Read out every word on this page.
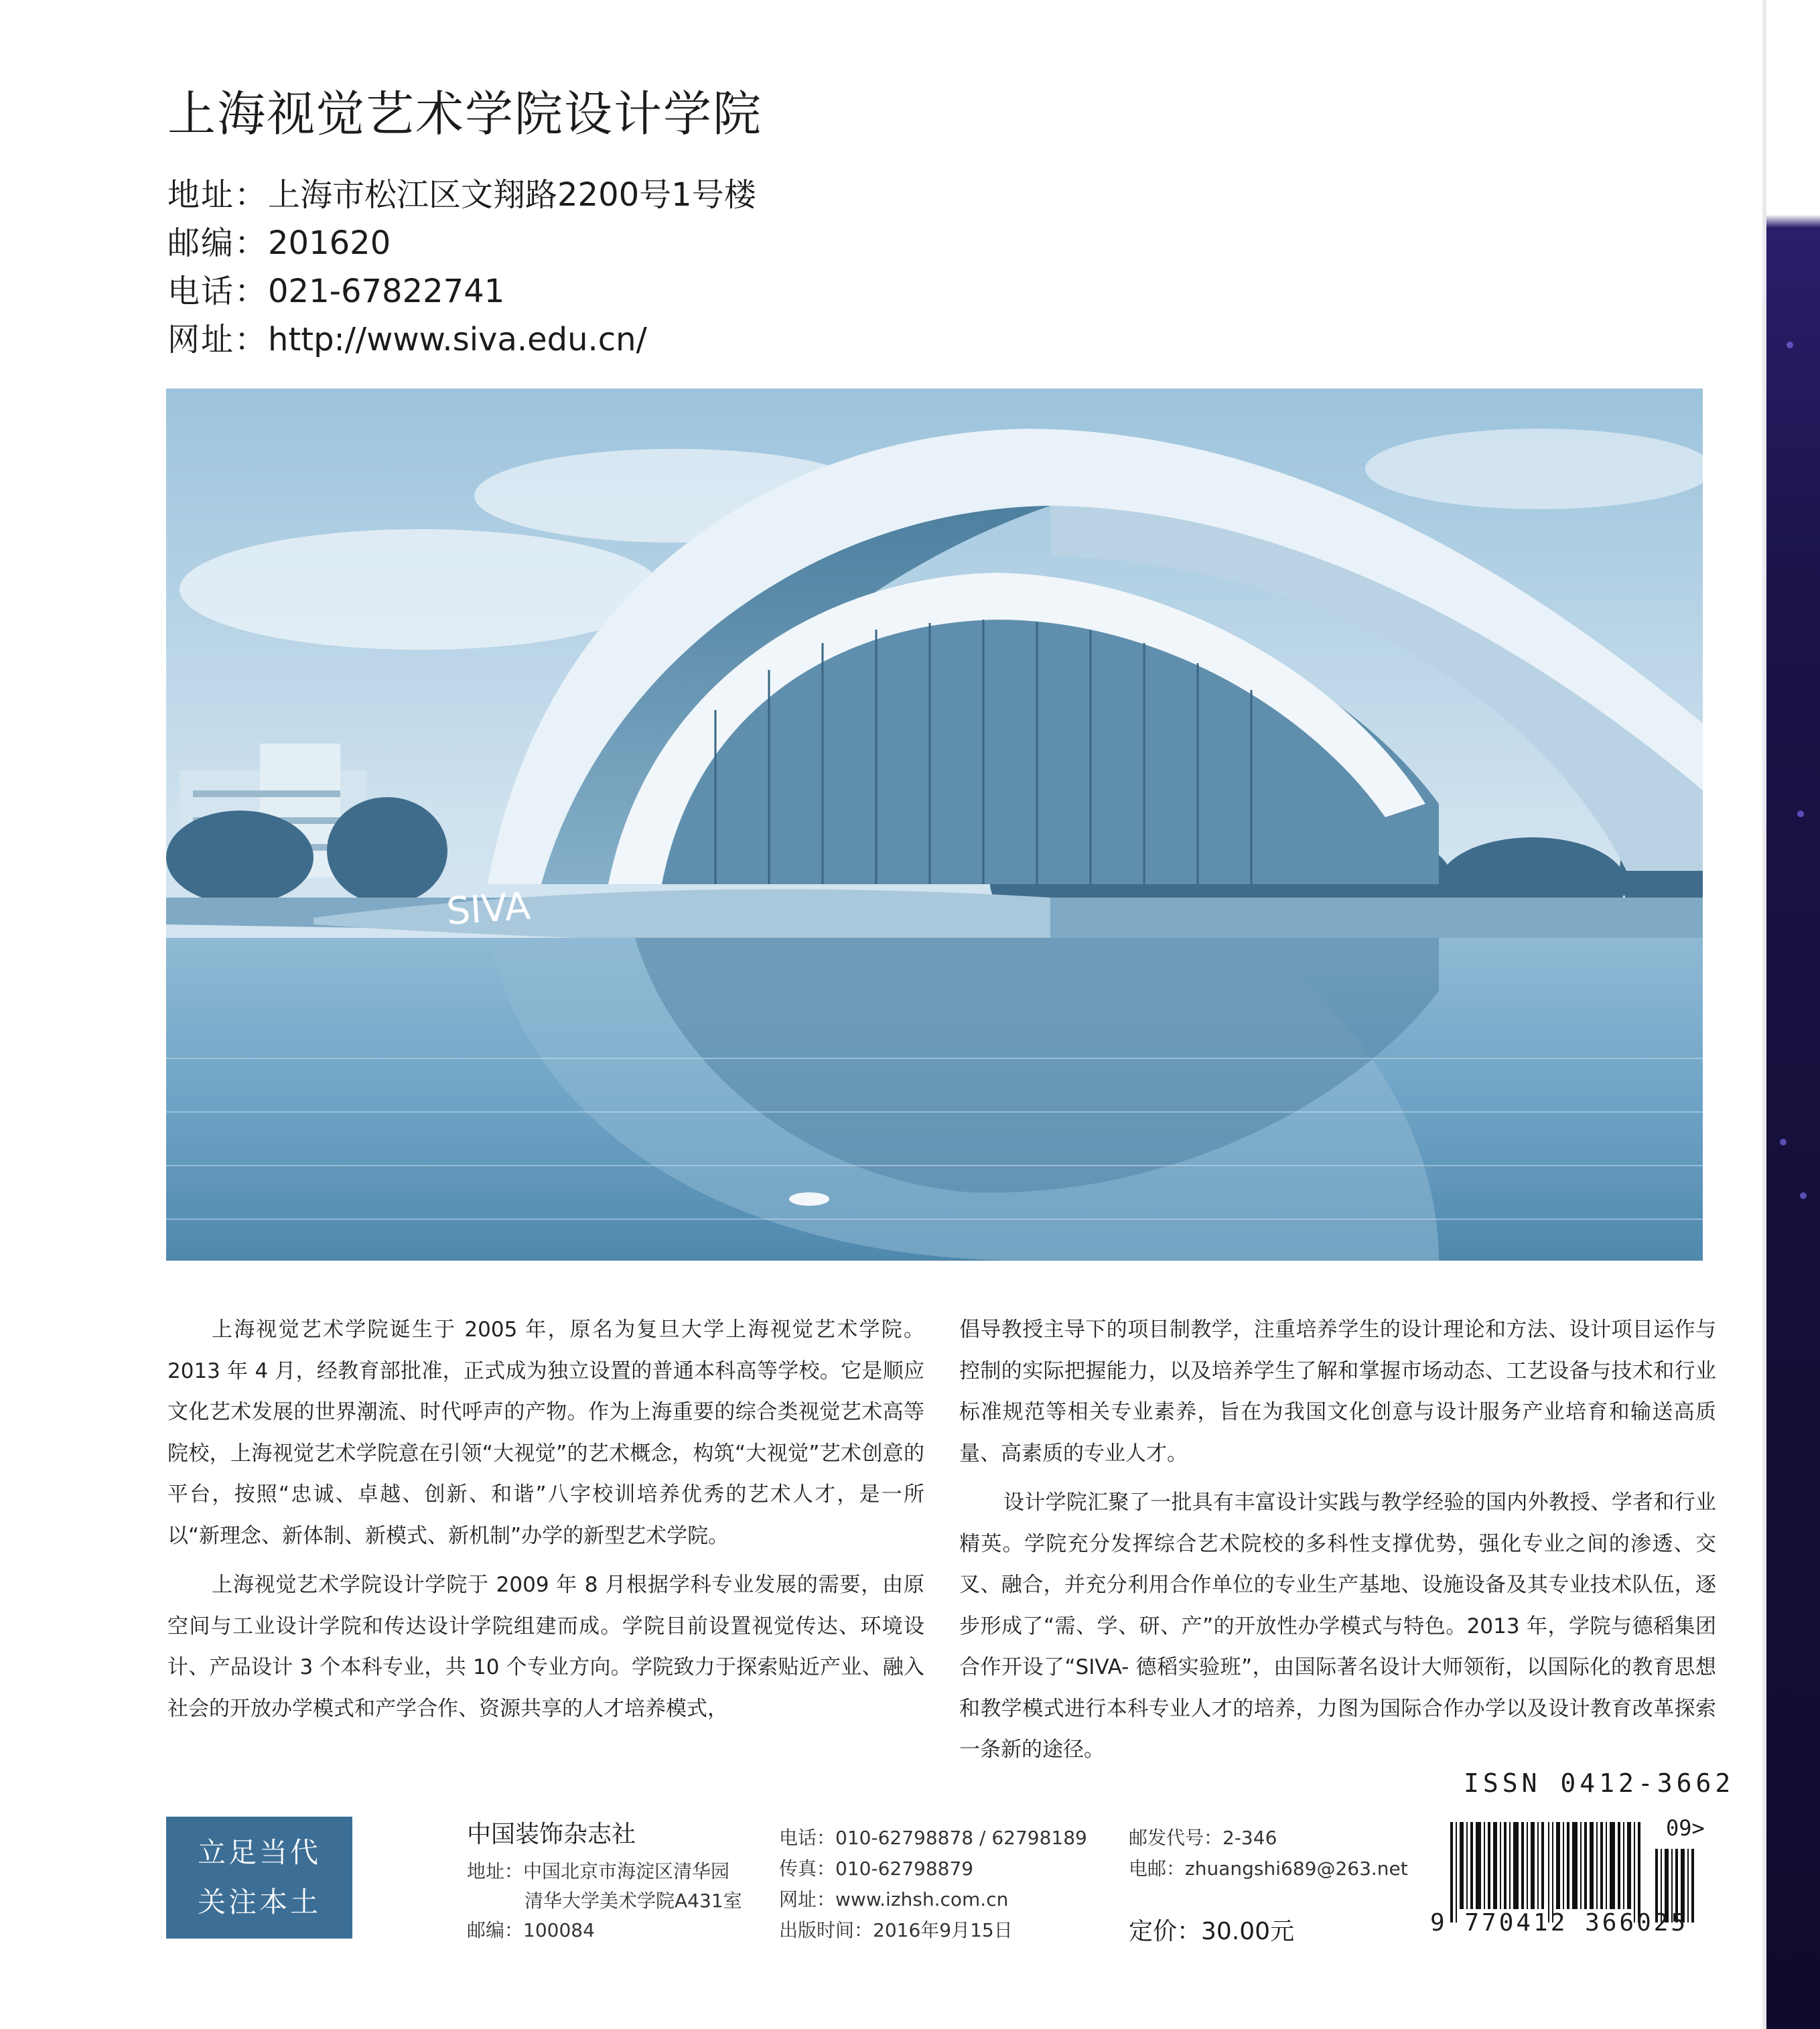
上海视觉艺术学院设计学院
地址：上海市松江区文翔路2200号1号楼
邮编：201620
电话：021-67822741
网址：http://www.siva.edu.cn/
SIVA

上海视觉艺术学院诞生于 2005 年，原名为复旦大学上海视觉艺术学院。2013 年 4 月，经教育部批准，正式成为独立设置的普通本科高等学校。它是顺应文化艺术发展的世界潮流、时代呼声的产物。作为上海重要的综合类视觉艺术高等院校，上海视觉艺术学院意在引领“大视觉”的艺术概念，构筑“大视觉”艺术创意的平台，按照“忠诚、卓越、创新、和谐”八字校训培养优秀的艺术人才，是一所以“新理念、新体制、新模式、新机制”办学的新型艺术学院。

上海视觉艺术学院设计学院于 2009 年 8 月根据学科专业发展的需要，由原空间与工业设计学院和传达设计学院组建而成。学院目前设置视觉传达、环境设计、产品设计 3 个本科专业，共 10 个专业方向。学院致力于探索贴近产业、融入社会的开放办学模式和产学合作、资源共享的人才培养模式，

倡导教授主导下的项目制教学，注重培养学生的设计理论和方法、设计项目运作与控制的实际把握能力，以及培养学生了解和掌握市场动态、工艺设备与技术和行业标准规范等相关专业素养，旨在为我国文化创意与设计服务产业培育和输送高质量、高素质的专业人才。

设计学院汇聚了一批具有丰富设计实践与教学经验的国内外教授、学者和行业精英。学院充分发挥综合艺术院校的多科性支撑优势，强化专业之间的渗透、交叉、融合，并充分利用合作单位的专业生产基地、设施设备及其专业技术队伍，逐步形成了“需、学、研、产”的开放性办学模式与特色。2013 年，学院与德稻集团合作开设了“SIVA- 德稻实验班”，由国际著名设计大师领衔，以国际化的教育思想和教学模式进行本科专业人才的培养，力图为国际合作办学以及设计教育改革探索一条新的途径。

立足当代
关注本土
中国装饰杂志社
地址：中国北京市海淀区清华园
清华大学美术学院A431室
邮编：100084
电话：010-62798878 / 62798189
传真：010-62798879
网址：www.izhsh.com.cn
出版时间：2016年9月15日
邮发代号：2-346
电邮：zhuangshi689@263.net
定价：30.00元
ISSN 0412-3662
09>
9 770412 366025
